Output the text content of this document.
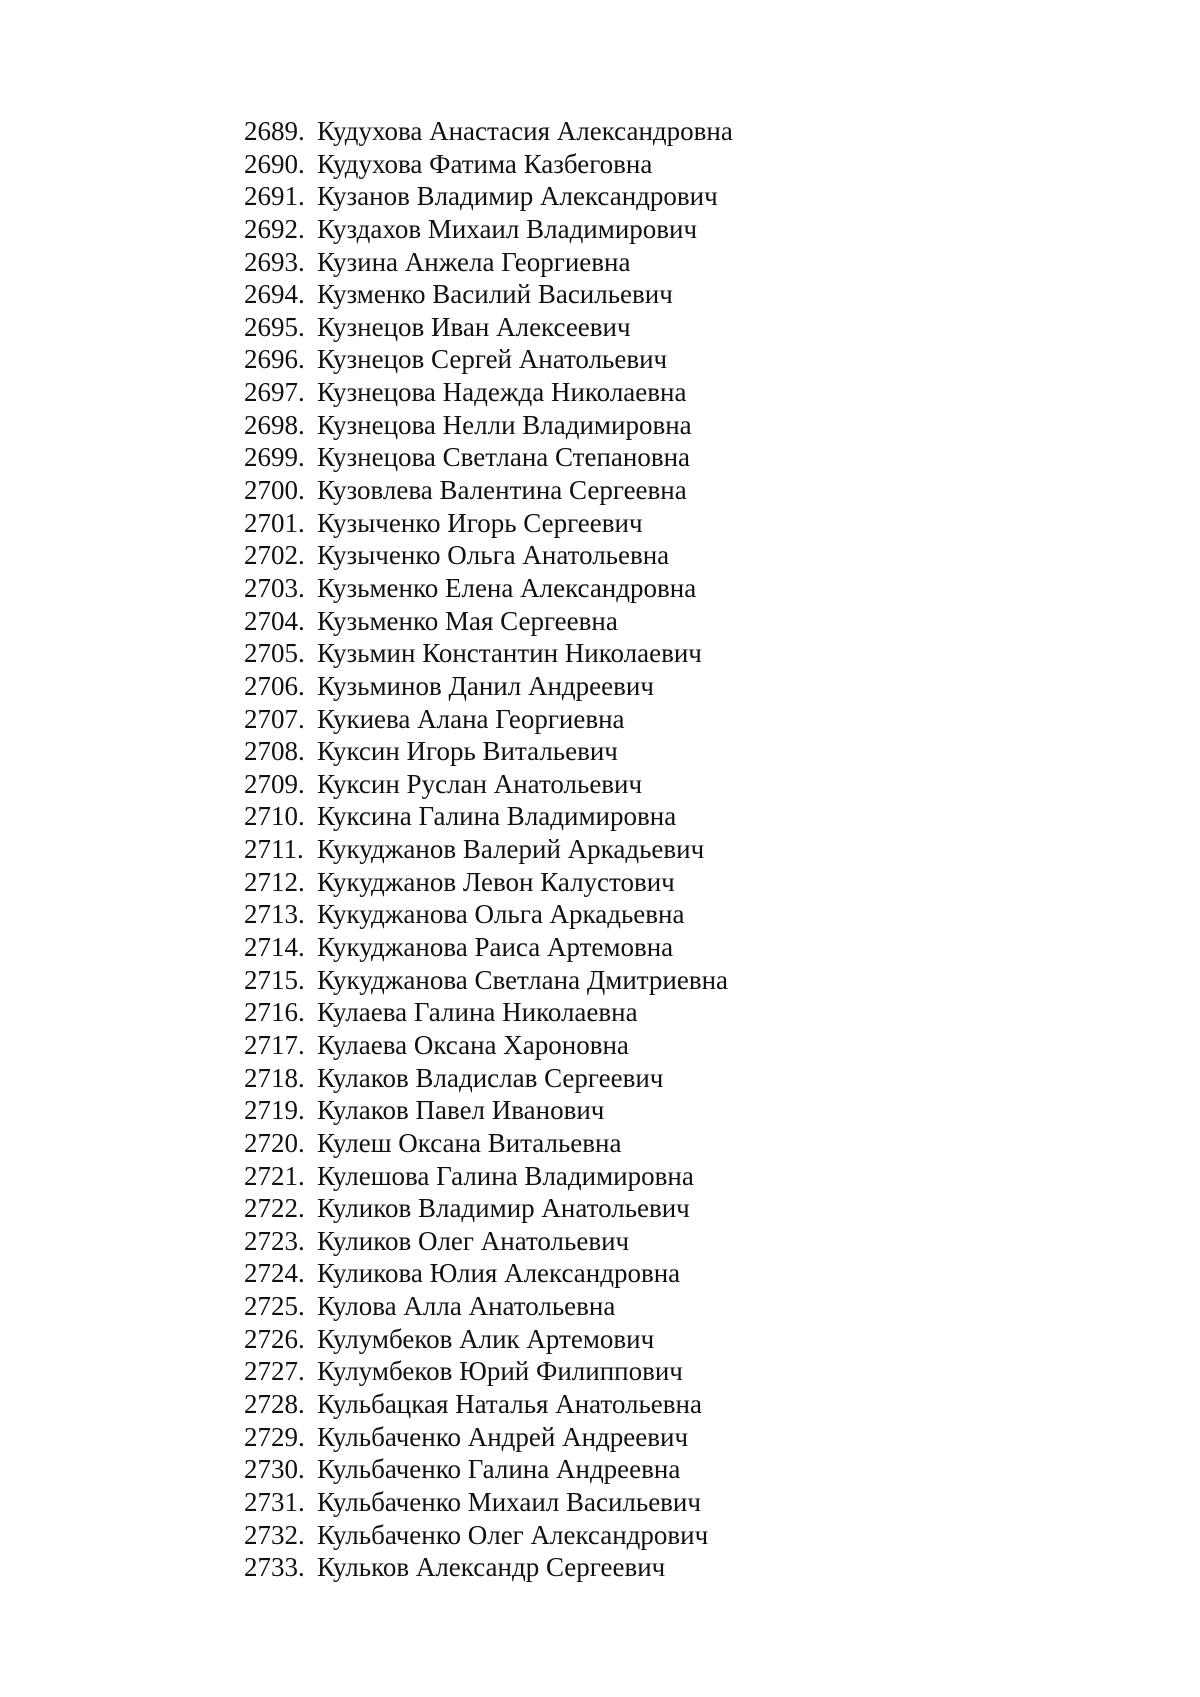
2689. Кудухова Анастасия Александровна
2690. Кудухова Фатима Казбеговна
2691. Кузанов Владимир Александрович
2692. Куздахов Михаил Владимирович
2693. Кузина Анжела Георгиевна
2694. Кузменко Василий Васильевич
2695. Кузнецов Иван Алексеевич
2696. Кузнецов Сергей Анатольевич
2697. Кузнецова Надежда Николаевна
2698. Кузнецова Нелли Владимировна
2699. Кузнецова Светлана Степановна
2700. Кузовлева Валентина Сергеевна
2701. Кузыченко Игорь Сергеевич
2702. Кузыченко Ольга Анатольевна
2703. Кузьменко Елена Александровна
2704. Кузьменко Мая Сергеевна
2705. Кузьмин Константин Николаевич
2706. Кузьминов Данил Андреевич
2707. Кукиева Алана Георгиевна
2708. Куксин Игорь Витальевич
2709. Куксин Руслан Анатольевич
2710. Куксина Галина Владимировна
2711. Кукуджанов Валерий Аркадьевич
2712. Кукуджанов Левон Калустович
2713. Кукуджанова Ольга Аркадьевна
2714. Кукуджанова Раиса Артемовна
2715. Кукуджанова Светлана Дмитриевна
2716. Кулаева Галина Николаевна
2717. Кулаева Оксана Хароновна
2718. Кулаков Владислав Сергеевич
2719. Кулаков Павел Иванович
2720. Кулеш Оксана Витальевна
2721. Кулешова Галина Владимировна
2722. Куликов Владимир Анатольевич
2723. Куликов Олег Анатольевич
2724. Куликова Юлия Александровна
2725. Кулова Алла Анатольевна
2726. Кулумбеков Алик Артемович
2727. Кулумбеков Юрий Филиппович
2728. Кульбацкая Наталья Анатольевна
2729. Кульбаченко Андрей Андреевич
2730. Кульбаченко Галина Андреевна
2731. Кульбаченко Михаил Васильевич
2732. Кульбаченко Олег Александрович
2733. Кульков Александр Сергеевич
